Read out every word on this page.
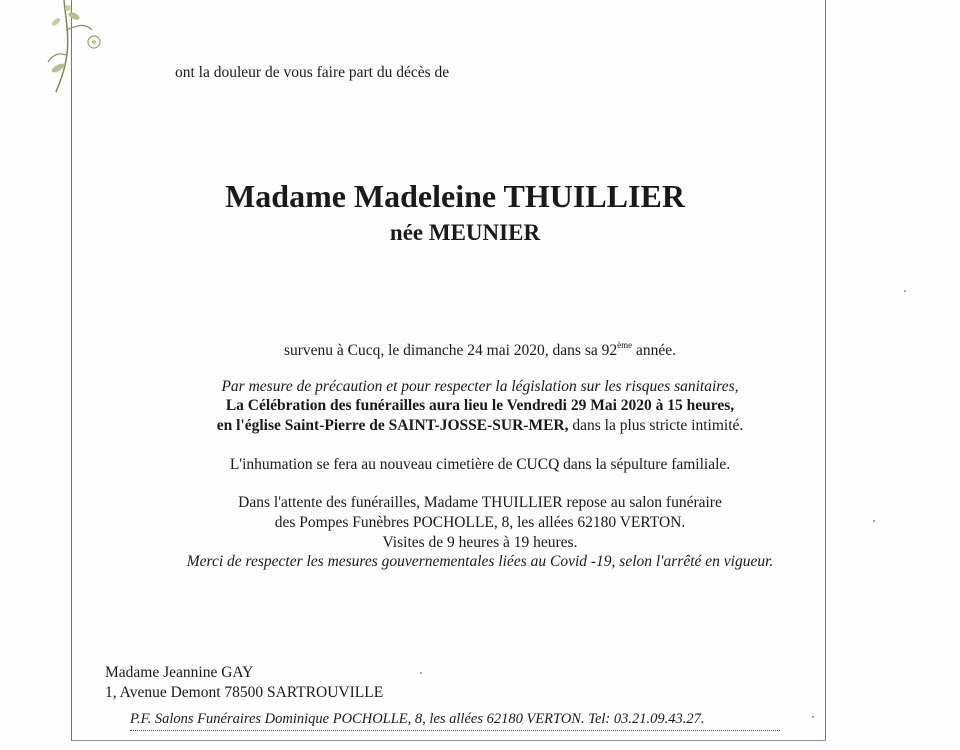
ont la douleur de vous faire part du décès de
Madame Madeleine THUILLIER
née MEUNIER
survenu à Cucq, le dimanche 24 mai 2020, dans sa 92ème année.
Par mesure de précaution et pour respecter la législation sur les risques sanitaires,
La Célébration des funérailles aura lieu le Vendredi 29 Mai 2020 à 15 heures,
en l'église Saint-Pierre de SAINT-JOSSE-SUR-MER, dans la plus stricte intimité.
L'inhumation se fera au nouveau cimetière de CUCQ dans la sépulture familiale.
Dans l'attente des funérailles, Madame THUILLIER repose au salon funéraire
des Pompes Funèbres POCHOLLE, 8, les allées 62180 VERTON.
Visites de 9 heures à 19 heures.
Merci de respecter les mesures gouvernementales liées au Covid -19, selon l'arrêté en vigueur.
Madame Jeannine GAY
1, Avenue Demont 78500 SARTROUVILLE
P.F. Salons Funéraires Dominique POCHOLLE, 8, les allées 62180 VERTON. Tel: 03.21.09.43.27.
